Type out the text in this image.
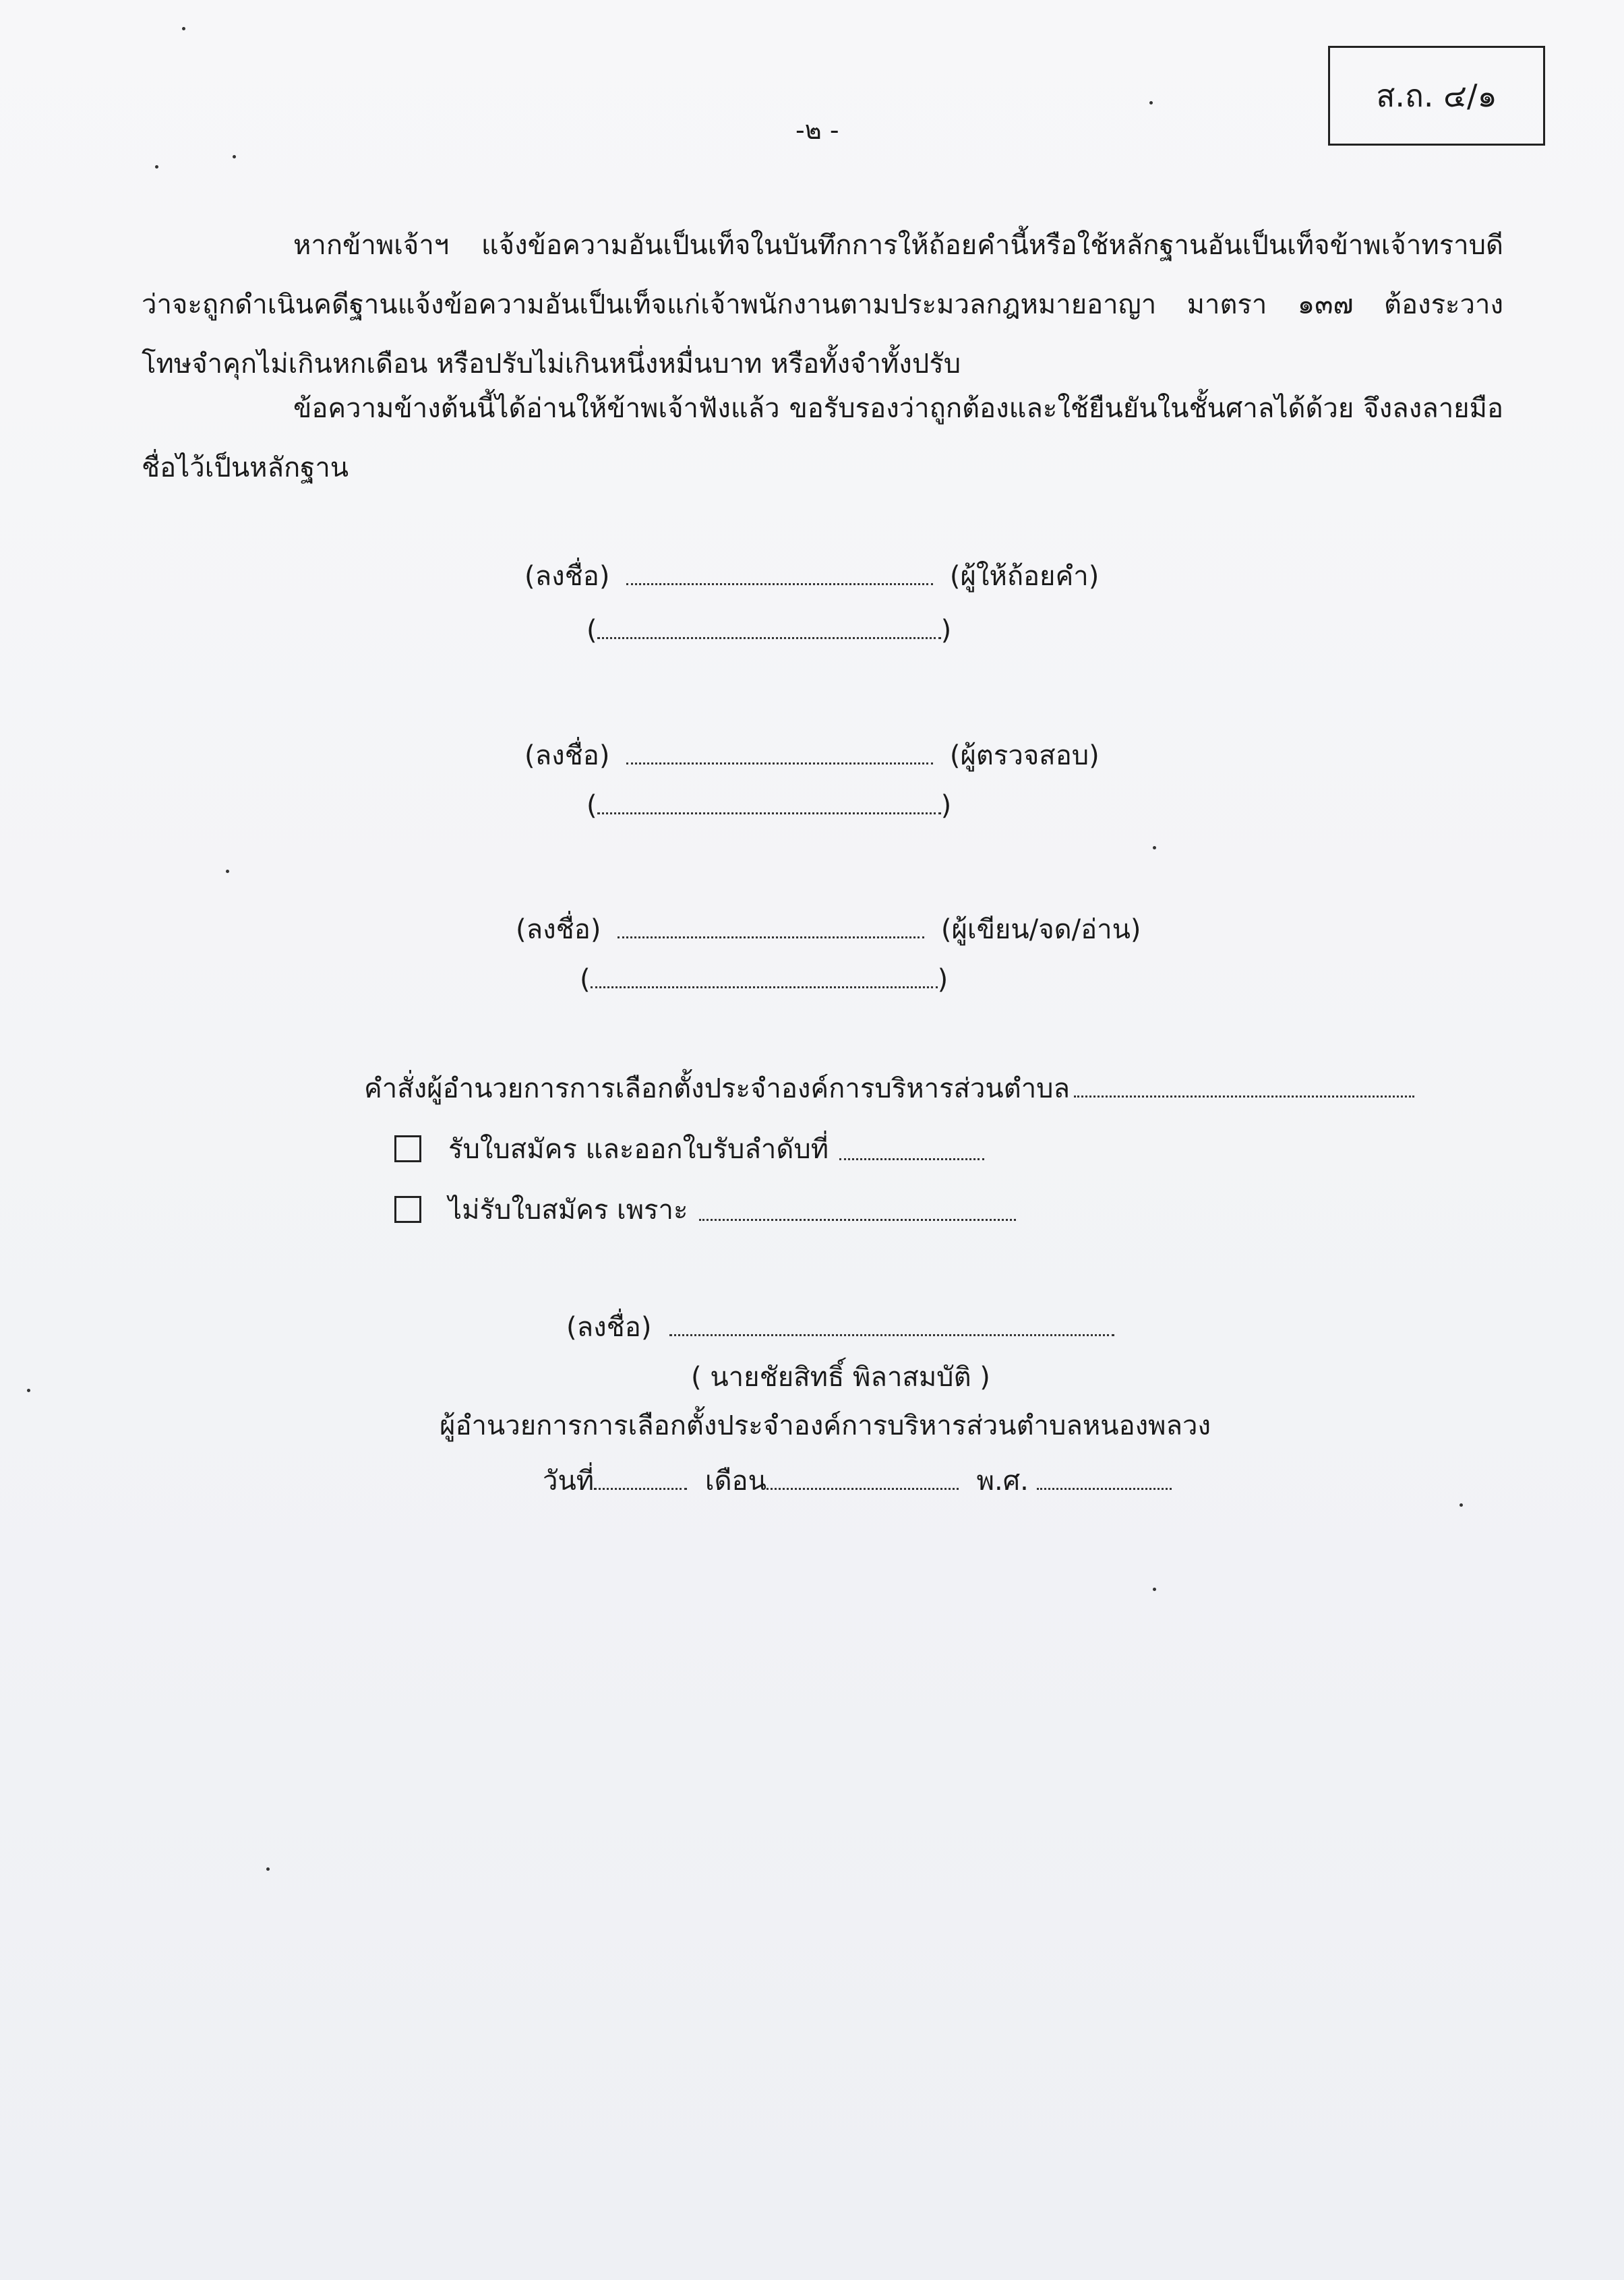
ส.ถ. ๔/๑
-๒ -
หากข้าพเจ้าฯ แจ้งข้อความอันเป็นเท็จในบันทึกการให้ถ้อยคำนี้หรือใช้หลักฐานอันเป็นเท็จข้าพเจ้าทราบดีว่าจะถูกดำเนินคดีฐานแจ้งข้อความอันเป็นเท็จแก่เจ้าพนักงานตามประมวลกฎหมายอาญา มาตรา ๑๓๗ ต้องระวางโทษจำคุกไม่เกินหกเดือน หรือปรับไม่เกินหนึ่งหมื่นบาท หรือทั้งจำทั้งปรับ
ข้อความข้างต้นนี้ได้อ่านให้ข้าพเจ้าฟังแล้ว ขอรับรองว่าถูกต้องและใช้ยืนยันในชั้นศาลได้ด้วย จึงลงลายมือชื่อไว้เป็นหลักฐาน
(ลงชื่อ)	(ผู้ให้ถ้อยคำ)
(	)
(ลงชื่อ)	(ผู้ตรวจสอบ)
(	)
(ลงชื่อ)	(ผู้เขียน/จด/อ่าน)
(	)
คำสั่งผู้อำนวยการการเลือกตั้งประจำองค์การบริหารส่วนตำบล
รับใบสมัคร และออกใบรับลำดับที่
ไม่รับใบสมัคร เพราะ
(ลงชื่อ)
( นายชัยสิทธิ์ พิลาสมบัติ )
ผู้อำนวยการการเลือกตั้งประจำองค์การบริหารส่วนตำบลหนองพลวง
วันที่	เดือน	พ.ศ.
